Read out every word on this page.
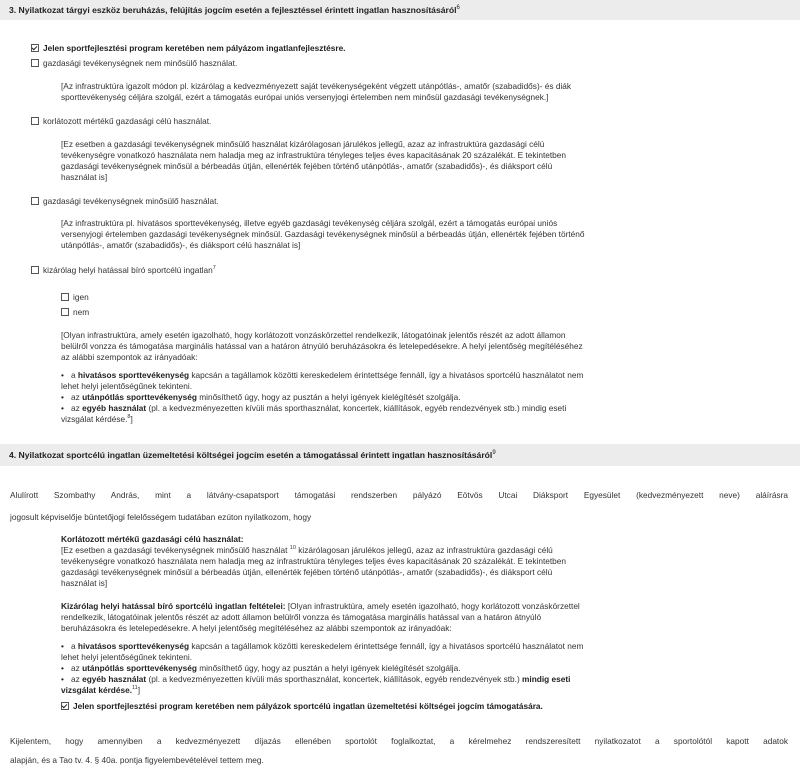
3. Nyilatkozat tárgyi eszköz beruházás, felújítás jogcím esetén a fejlesztéssel érintett ingatlan hasznosításáról$^6$
Jelen sportfejlesztési program keretében nem pályázom ingatlanfejlesztésre.
gazdasági tevékenységnek nem minősülő használat.
[Az infrastruktúra igazolt módon pl. kizárólag a kedvezményezett saját tevékenységeként végzett utánpótlás-, amatőr (szabadidős)- és diák
sporttevékenység céljára szolgál, ezért a támogatás európai uniós versenyjogi értelemben nem minősül gazdasági tevékenységnek.]
korlátozott mértékű gazdasági célú használat.
[Ez esetben a gazdasági tevékenységnek minősülő használat kizárólagosan járulékos jellegű, azaz az infrastruktúra gazdasági célú
tevékenységre vonatkozó használata nem haladja meg az infrastruktúra tényleges teljes éves kapacitásának 20 százalékát. E tekintetben
gazdasági tevékenységnek minősül a bérbeadás útján, ellenérték fejében történő utánpótlás-, amatőr (szabadidős)-, és diáksport célú
használat is]
gazdasági tevékenységnek minősülő használat.
[Az infrastruktúra pl. hivatásos sporttevékenység, illetve egyéb gazdasági tevékenység céljára szolgál, ezért a támogatás európai uniós
versenyjogi értelemben gazdasági tevékenységnek minősül. Gazdasági tevékenységnek minősül a bérbeadás útján, ellenérték fejében történő
utánpótlás-, amatőr (szabadidős)-, és diáksport célú használat is]
kizárólag helyi hatással bíró sportcélú ingatlan$^7$
igen
nem
[Olyan infrastruktúra, amely esetén igazolható, hogy korlátozott vonzáskörzettel rendelkezik, látogatóinak jelentős részét az adott államon
belülről vonzza és támogatása marginális hatással van a határon átnyúló beruházásokra és letelepedésekre. A helyi jelentőség megítéléséhez
az alábbi szempontok az irányadóak:
• a hivatásos sporttevékenység kapcsán a tagállamok közötti kereskedelem érintettsége fennáll, így a hivatásos sportcélú használatot nem
lehet helyi jelentőségűnek tekinteni.
• az utánpótlás sporttevékenység minősíthető úgy, hogy az pusztán a helyi igények kielégítését szolgálja.
• az egyéb használat (pl. a kedvezményezetten kívüli más sporthasználat, koncertek, kiállítások, egyéb rendezvények stb.) mindig eseti
vizsgálat kérdése.$^8$]
4. Nyilatkozat sportcélú ingatlan üzemeltetési költségei jogcím esetén a támogatással érintett ingatlan hasznosításáról$^9$
Alulírott Szombathy András, mint a látvány-csapatsport támogatási rendszerben pályázó Eötvös Utcai Diáksport Egyesület (kedvezményezett neve) aláírásra
jogosult képviselője büntetőjogi felelősségem tudatában ezúton nyilatkozom, hogy
Korlátozott mértékű gazdasági célú használat:
[Ez esetben a gazdasági tevékenységnek minősülő használat $^{10}$ kizárólagosan járulékos jellegű, azaz az infrastruktúra gazdasági célú
tevékenységre vonatkozó használata nem haladja meg az infrastruktúra tényleges teljes éves kapacitásának 20 százalékát. E tekintetben
gazdasági tevékenységnek minősül a bérbeadás útján, ellenérték fejében történő utánpótlás-, amatőr (szabadidős)-, és diáksport célú
használat is]
Kizárólag helyi hatással bíró sportcélú ingatlan feltételei: [Olyan infrastruktúra, amely esetén igazolható, hogy korlátozott vonzáskörzettel
rendelkezik, látogatóinak jelentős részét az adott államon belülről vonzza és támogatása marginális hatással van a határon átnyúló
beruházásokra és letelepedésekre. A helyi jelentőség megítéléséhez az alábbi szempontok az irányadóak:
• a hivatásos sporttevékenység kapcsán a tagállamok közötti kereskedelem érintettsége fennáll, így a hivatásos sportcélú használatot nem
lehet helyi jelentőségűnek tekinteni.
• az utánpótlás sporttevékenység minősíthető úgy, hogy az pusztán a helyi igények kielégítését szolgálja.
• az egyéb használat (pl. a kedvezményezetten kívüli más sporthasználat, koncertek, kiállítások, egyéb rendezvények stb.) mindig eseti
vizsgálat kérdése.$^{11}$]
Jelen sportfejlesztési program keretében nem pályázok sportcélú ingatlan üzemeltetési költségei jogcím támogatására.
Kijelentem, hogy amennyiben a kedvezményezett díjazás ellenében sportolót foglalkoztat, a kérelmehez rendszeresített nyilatkozatot a sportolótól kapott adatok
alapján, és a Tao tv. 4. § 40a. pontja figyelembevételével tettem meg.
